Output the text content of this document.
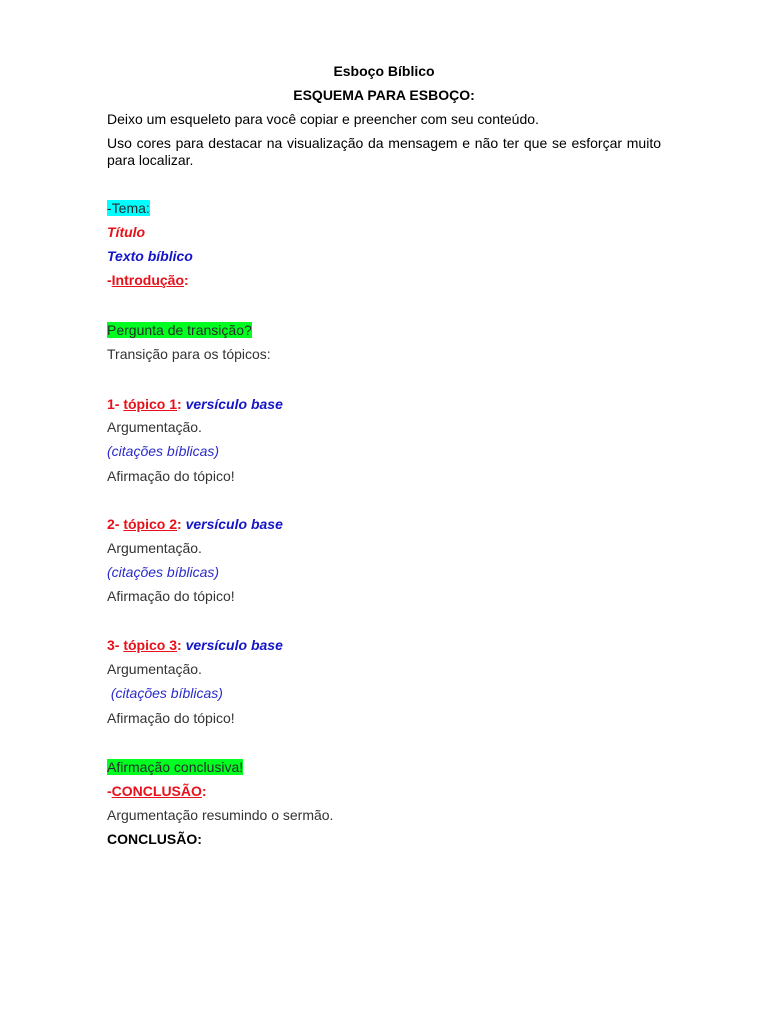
Esboço Bíblico
ESQUEMA PARA ESBOÇO:
Deixo um esqueleto para você copiar e preencher com seu conteúdo.
Uso cores para destacar na visualização da mensagem e não ter que se esforçar muito para localizar.
-Tema:
Título
Texto bíblico
-Introdução:
Pergunta de transição?
Transição para os tópicos:
1- tópico 1: versículo base
Argumentação.
(citações bíblicas)
Afirmação do tópico!
2- tópico 2: versículo base
Argumentação.
(citações bíblicas)
Afirmação do tópico!
3- tópico 3: versículo base
Argumentação.
(citações bíblicas)
Afirmação do tópico!
Afirmação conclusiva!
-CONCLUSÃO:
Argumentação resumindo o sermão.
CONCLUSÃO:
